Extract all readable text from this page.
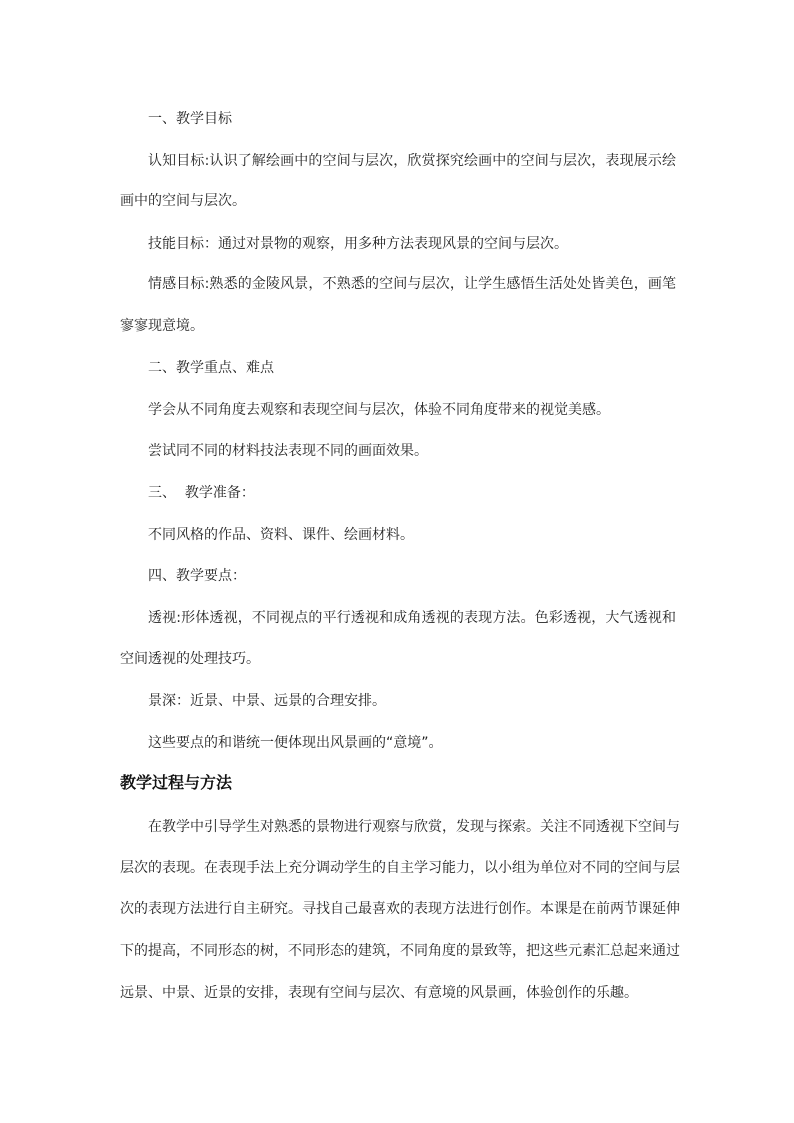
一、教学目标
认知目标:认识了解绘画中的空间与层次，欣赏探究绘画中的空间与层次，表现展示绘
画中的空间与层次。
技能目标：通过对景物的观察，用多种方法表现风景的空间与层次。
情感目标:熟悉的金陵风景，不熟悉的空间与层次，让学生感悟生活处处皆美色，画笔
寥寥现意境。
二、教学重点、难点
学会从不同角度去观察和表现空间与层次，体验不同角度带来的视觉美感。
尝试同不同的材料技法表现不同的画面效果。
三、  教学准备：
不同风格的作品、资料、课件、绘画材料。
四、教学要点：
透视:形体透视，不同视点的平行透视和成角透视的表现方法。色彩透视，大气透视和
空间透视的处理技巧。
景深：近景、中景、远景的合理安排。
这些要点的和谐统一便体现出风景画的“意境”。
教学过程与方法
在教学中引导学生对熟悉的景物进行观察与欣赏，发现与探索。关注不同透视下空间与
层次的表现。在表现手法上充分调动学生的自主学习能力，以小组为单位对不同的空间与层
次的表现方法进行自主研究。寻找自己最喜欢的表现方法进行创作。本课是在前两节课延伸
下的提高，不同形态的树，不同形态的建筑，不同角度的景致等，把这些元素汇总起来通过
远景、中景、近景的安排，表现有空间与层次、有意境的风景画，体验创作的乐趣。
